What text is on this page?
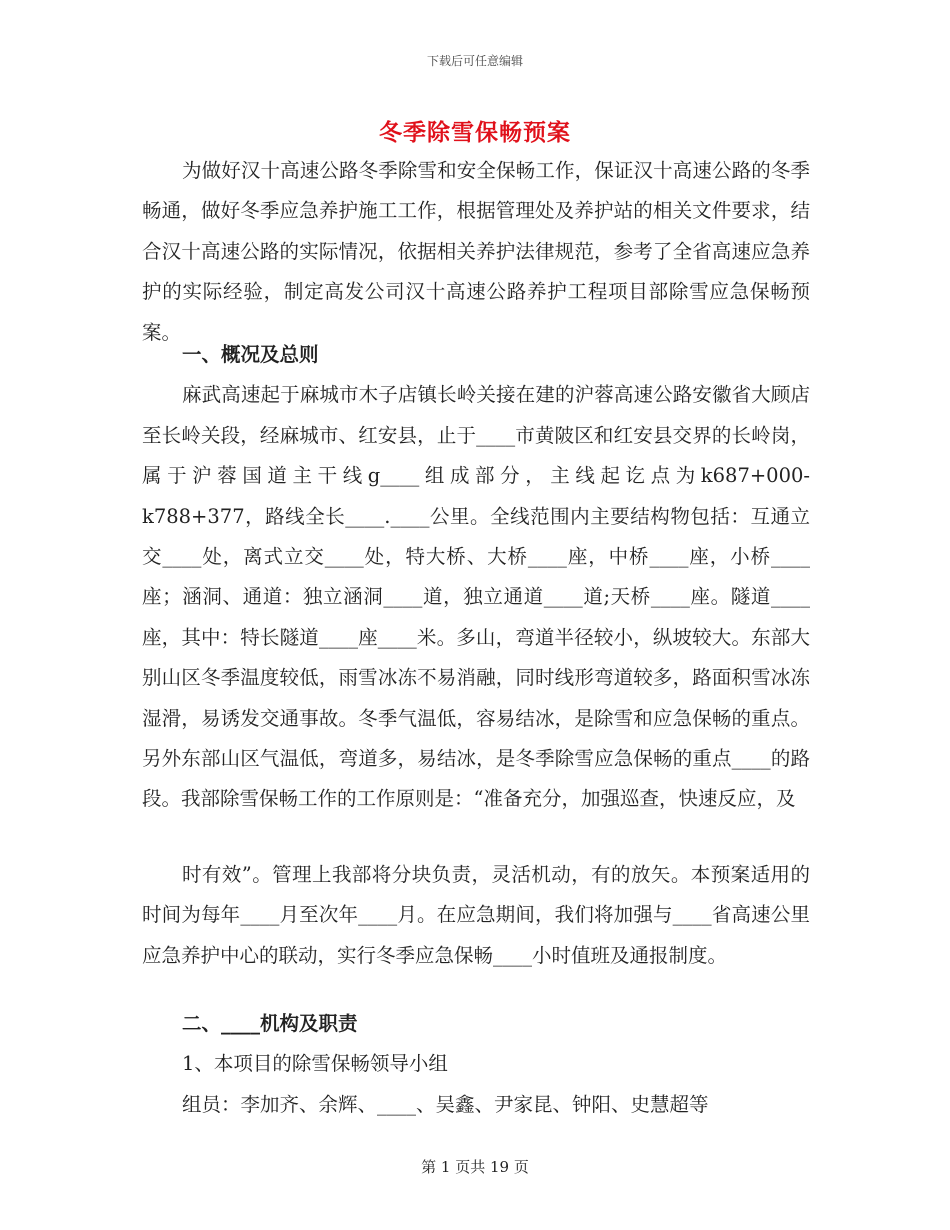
下载后可任意编辑
冬季除雪保畅预案

为做好汉十高速公路冬季除雪和安全保畅工作，保证汉十高速公路的冬季畅通，做好冬季应急养护施工工作，根据管理处及养护站的相关文件要求，结合汉十高速公路的实际情况，依据相关养护法律规范，参考了全省高速应急养护的实际经验，制定高发公司汉十高速公路养护工程项目部除雪应急保畅预案。

一、概况及总则

麻武高速起于麻城市木子店镇长岭关接在建的沪蓉高速公路安徽省大顾店至长岭关段，经麻城市、红安县，止于____市黄陂区和红安县交界的长岭岗，属于沪蓉国道主干线g____组成部分，主线起讫点为k687+000-k788+377，路线全长____.____公里。全线范围内主要结构物包括：互通立交____处，离式立交____处，特大桥、大桥____座，中桥____座，小桥____座；涵洞、通道：独立涵洞____道，独立通道____道;天桥____座。隧道____座，其中：特长隧道____座____米。多山，弯道半径较小，纵坡较大。东部大别山区冬季温度较低，雨雪冰冻不易消融，同时线形弯道较多，路面积雪冰冻湿滑，易诱发交通事故。冬季气温低，容易结冰，是除雪和应急保畅的重点。另外东部山区气温低，弯道多，易结冰，是冬季除雪应急保畅的重点____的路段。我部除雪保畅工作的工作原则是：“准备充分，加强巡查，快速反应，及

时有效”。管理上我部将分块负责，灵活机动，有的放矢。本预案适用的时间为每年____月至次年____月。在应急期间，我们将加强与____省高速公里应急养护中心的联动，实行冬季应急保畅____小时值班及通报制度。

二、____机构及职责

1、本项目的除雪保畅领导小组

组员：李加齐、余辉、____、吴鑫、尹家昆、钟阳、史慧超等

第 1 页共 19 页
